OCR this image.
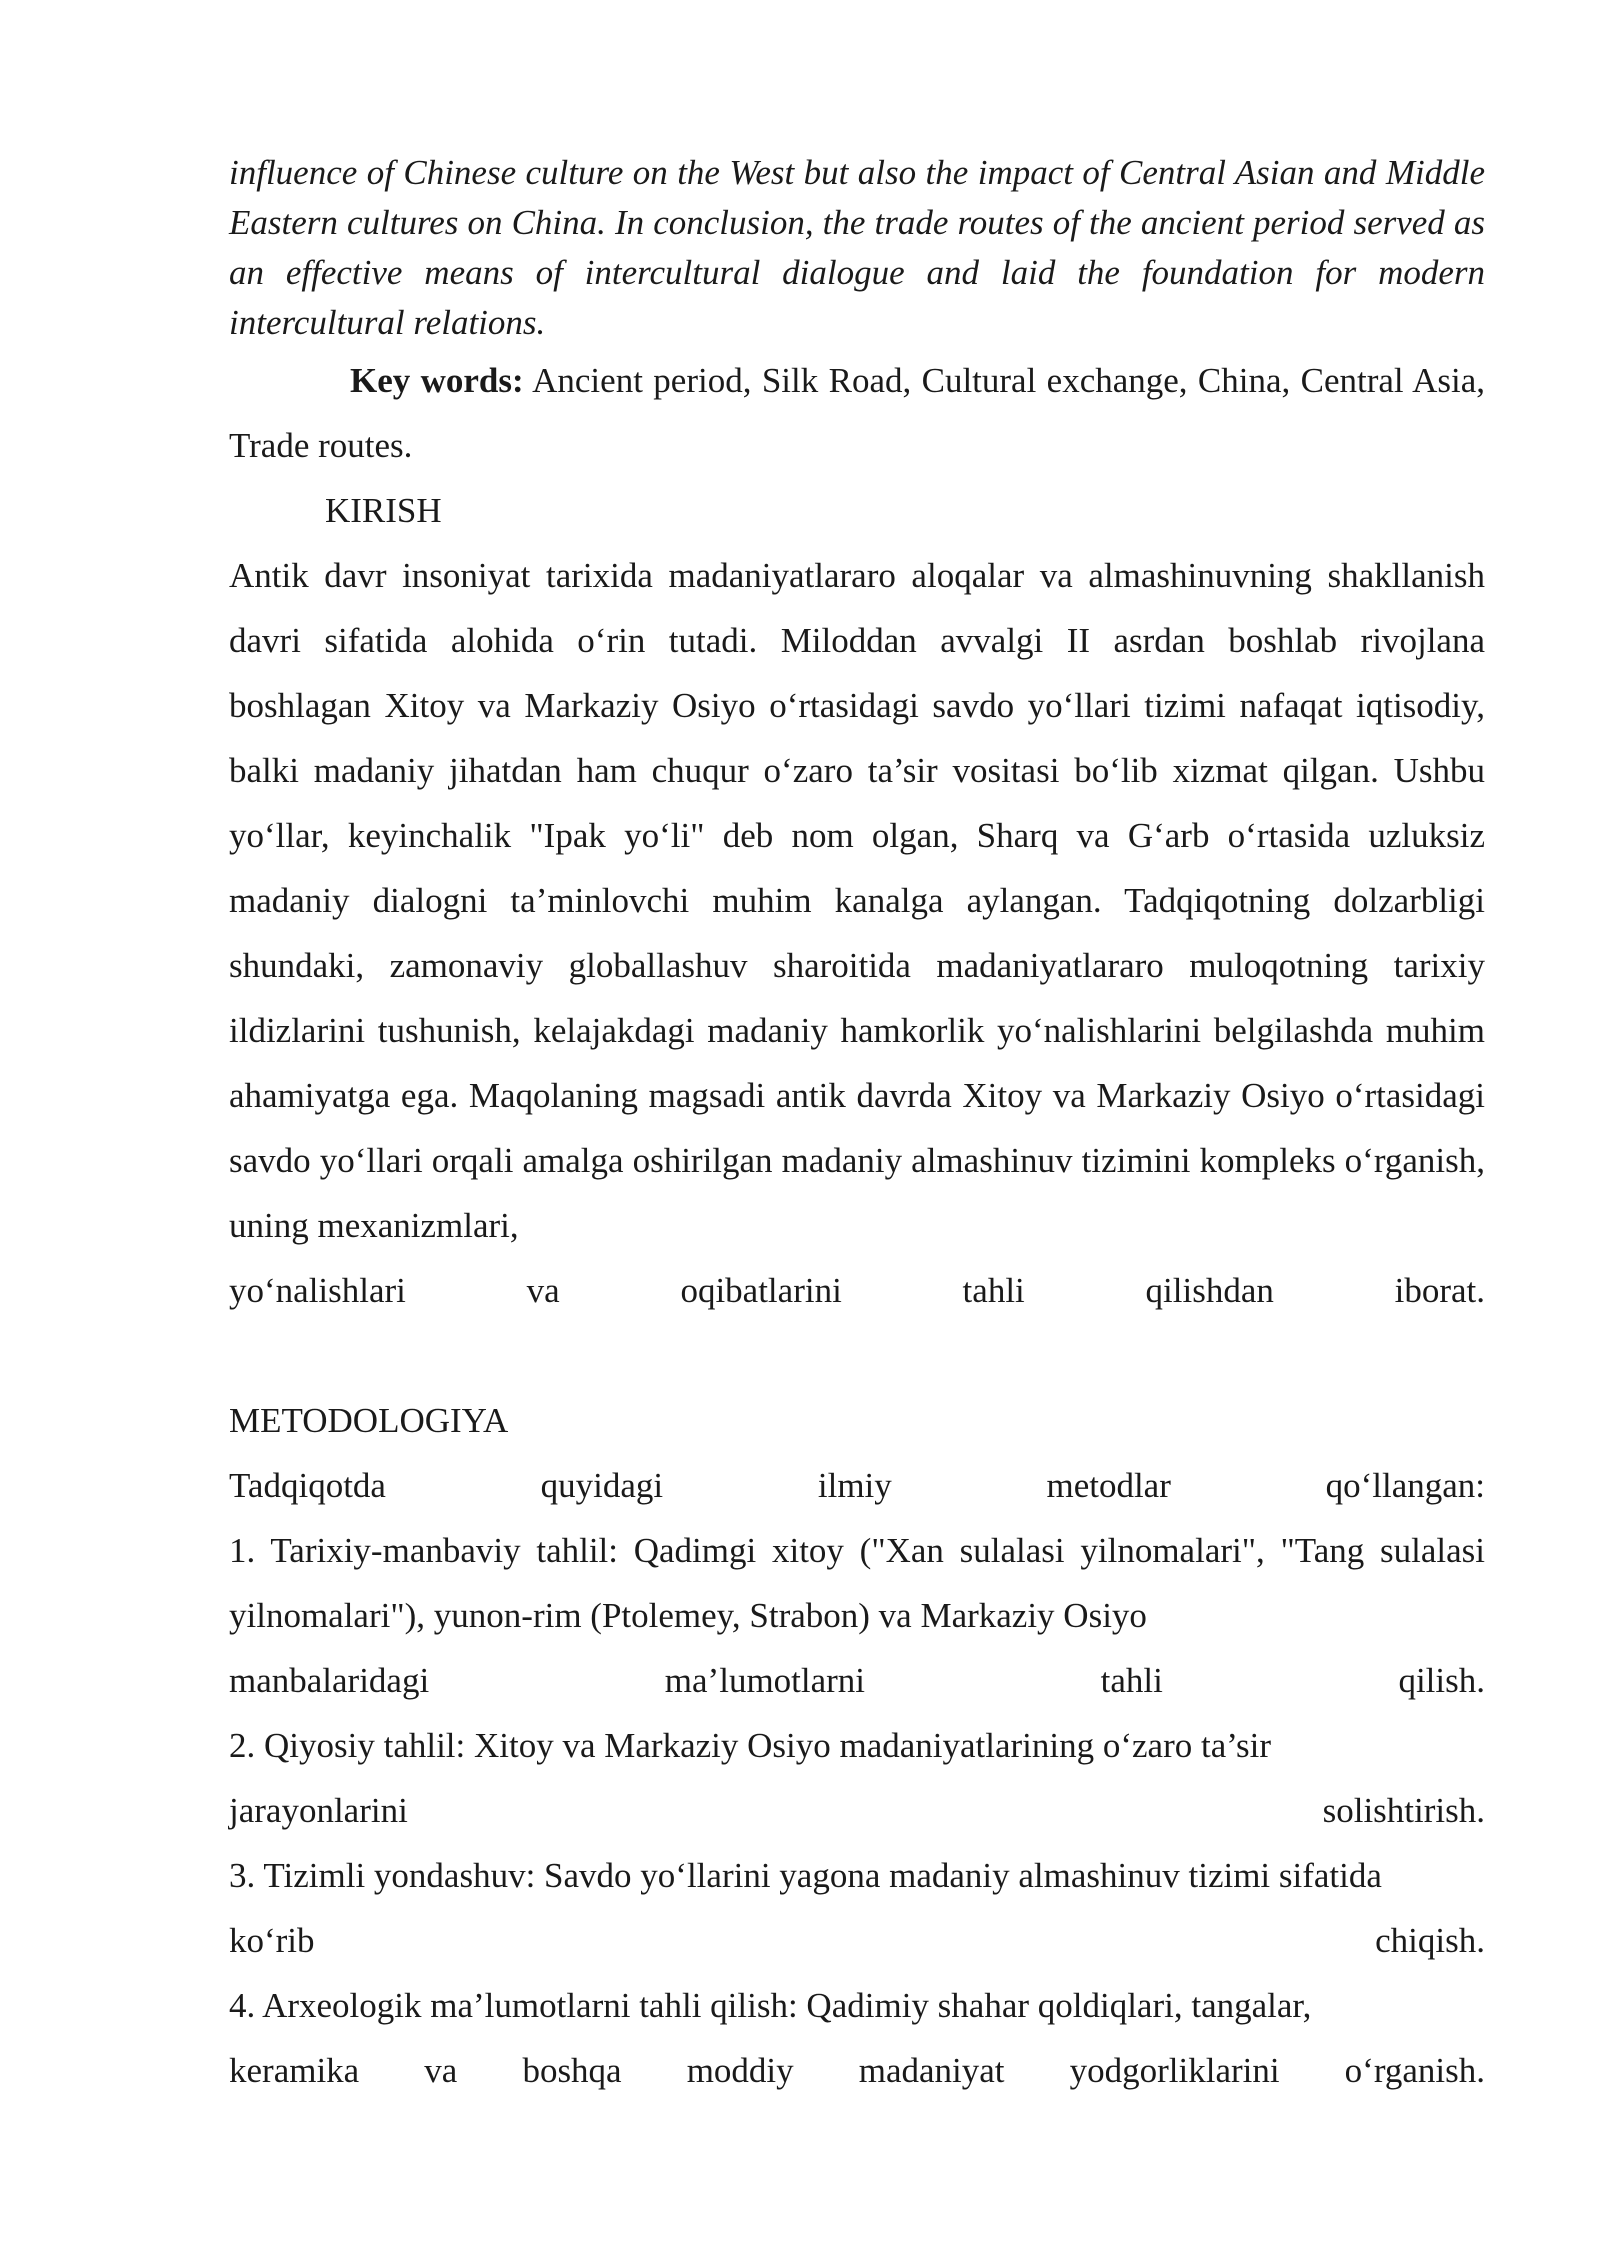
influence of Chinese culture on the West but also the impact of Central Asian and Middle Eastern cultures on China. In conclusion, the trade routes of the ancient period served as an effective means of intercultural dialogue and laid the foundation for modern intercultural relations.

Key words: Ancient period, Silk Road, Cultural exchange, China, Central Asia, Trade routes.

KIRISH

Antik davr insoniyat tarixida madaniyatlararo aloqalar va almashinuvning shakllanish davri sifatida alohida o‘rin tutadi. Miloddan avvalgi II asrdan boshlab rivojlana boshlagan Xitoy va Markaziy Osiyo o‘rtasidagi savdo yo‘llari tizimi nafaqat iqtisodiy, balki madaniy jihatdan ham chuqur o‘zaro ta’sir vositasi bo‘lib xizmat qilgan. Ushbu yo‘llar, keyinchalik "Ipak yo‘li" deb nom olgan, Sharq va G‘arb o‘rtasida uzluksiz madaniy dialogni ta’minlovchi muhim kanalga aylangan. Tadqiqotning dolzarbligi shundaki, zamonaviy globallashuv sharoitida madaniyatlararo muloqotning tarixiy ildizlarini tushunish, kelajakdagi madaniy hamkorlik yo‘nalishlarini belgilashda muhim ahamiyatga ega. Maqolaning magsadi antik davrda Xitoy va Markaziy Osiyo o‘rtasidagi savdo yo‘llari orqali amalga oshirilgan madaniy almashinuv tizimini kompleks o‘rganish, uning mexanizmlari,

yo‘nalishlari va oqibatlarini tahli qilishdan iborat.

METODOLOGIYA

Tadqiqotda quyidagi ilmiy metodlar qo‘llangan:

1. Tarixiy-manbaviy tahlil: Qadimgi xitoy ("Xan sulalasi yilnomalari", "Tang sulalasi yilnomalari"), yunon-rim (Ptolemey, Strabon) va Markaziy Osiyo

manbalaridagi ma’lumotlarni tahli qilish.

2. Qiyosiy tahlil: Xitoy va Markaziy Osiyo madaniyatlarining o‘zaro ta’sir

jarayonlarini solishtirish.

3. Tizimli yondashuv: Savdo yo‘llarini yagona madaniy almashinuv tizimi sifatida

ko‘rib chiqish.

4. Arxeologik ma’lumotlarni tahli qilish: Qadimiy shahar qoldiqlari, tangalar,

keramika va boshqa moddiy madaniyat yodgorliklarini o‘rganish.
